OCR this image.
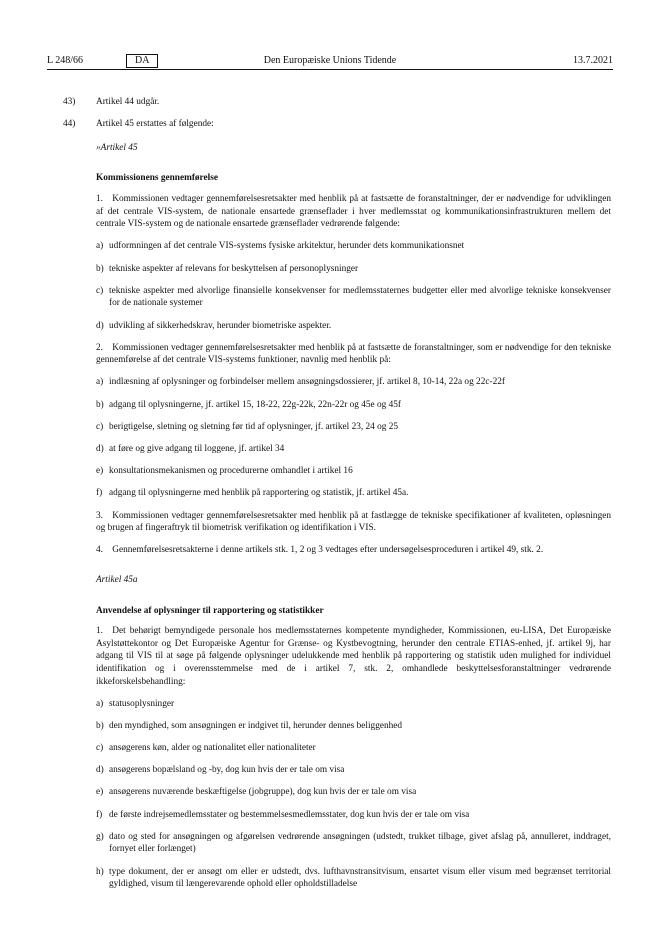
L 248/66	DA	Den Europæiske Unions Tidende	13.7.2021
43)	Artikel 44 udgår.
44)	Artikel 45 erstattes af følgende:
»Artikel 45
Kommissionens gennemførelse

1. Kommissionen vedtager gennemførelsesretsakter med henblik på at fastsætte de foranstaltninger, der er nødvendige for udviklingen af det centrale VIS-system, de nationale ensartede grænseflader i hver medlemsstat og kommunikationsinfrastrukturen mellem det centrale VIS-system og de nationale ensartede grænseflader vedrørende følgende:

a) udformningen af det centrale VIS-systems fysiske arkitektur, herunder dets kommunikationsnet
b) tekniske aspekter af relevans for beskyttelsen af personoplysninger
c) tekniske aspekter med alvorlige finansielle konsekvenser for medlemsstaternes budgetter eller med alvorlige tekniske konsekvenser for de nationale systemer
d) udvikling af sikkerhedskrav, herunder biometriske aspekter.

2. Kommissionen vedtager gennemførelsesretsakter med henblik på at fastsætte de foranstaltninger, som er nødvendige for den tekniske gennemførelse af det centrale VIS-systems funktioner, navnlig med henblik på:

a) indlæsning af oplysninger og forbindelser mellem ansøgningsdossierer, jf. artikel 8, 10-14, 22a og 22c-22f
b) adgang til oplysningerne, jf. artikel 15, 18-22, 22g-22k, 22n-22r og 45e og 45f
c) berigtigelse, sletning og sletning før tid af oplysninger, jf. artikel 23, 24 og 25
d) at føre og give adgang til loggene, jf. artikel 34
e) konsultationsmekanismen og procedurerne omhandlet i artikel 16
f) adgang til oplysningerne med henblik på rapportering og statistik, jf. artikel 45a.

3. Kommissionen vedtager gennemførelsesretsakter med henblik på at fastlægge de tekniske specifikationer af kvaliteten, opløsningen og brugen af fingeraftryk til biometrisk verifikation og identifikation i VIS.

4. Gennemførelsesretsakterne i denne artikels stk. 1, 2 og 3 vedtages efter undersøgelsesproceduren i artikel 49, stk. 2.

Artikel 45a
Anvendelse af oplysninger til rapportering og statistikker

1. Det behørigt bemyndigede personale hos medlemsstaternes kompetente myndigheder, Kommissionen, eu-LISA, Det Europæiske Asylstøttekontor og Det Europæiske Agentur for Grænse- og Kystbevogtning, herunder den centrale ETIAS-enhed, jf. artikel 9j, har adgang til VIS til at søge på følgende oplysninger udelukkende med henblik på rapportering og statistik uden mulighed for individuel identifikation og i overensstemmelse med de i artikel 7, stk. 2, omhandlede beskyttelsesforanstaltninger vedrørende ikkeforskelsbehandling:

a) statusoplysninger
b) den myndighed, som ansøgningen er indgivet til, herunder dennes beliggenhed
c) ansøgerens køn, alder og nationalitet eller nationaliteter
d) ansøgerens bopælsland og -by, dog kun hvis der er tale om visa
e) ansøgerens nuværende beskæftigelse (jobgruppe), dog kun hvis der er tale om visa
f) de første indrejsemedlemsstater og bestemmelsesmedlemsstater, dog kun hvis der er tale om visa
g) dato og sted for ansøgningen og afgørelsen vedrørende ansøgningen (udstedt, trukket tilbage, givet afslag på, annulleret, inddraget, fornyet eller forlænget)
h) type dokument, der er ansøgt om eller er udstedt, dvs. lufthavnstransitvisum, ensartet visum eller visum med begrænset territorial gyldighed, visum til længerevarende ophold eller opholdstilladelse
